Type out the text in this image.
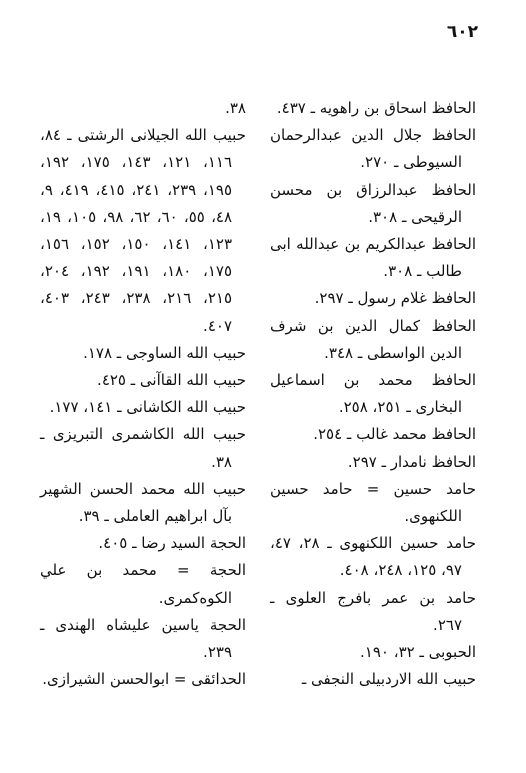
٦٠٢

الحافظ اسحاق بن راهويه ـ ٤٣٧.

الحافظ جلال الدين عبدالرحمان السيوطى ـ ٢٧٠.

الحافظ عبدالرزاق بن محسن الرقيحى ـ ٣٠٨.

الحافظ عبدالكريم بن عبدالله ابى طالب ـ ٣٠٨.

الحافظ غلام رسول ـ ٢٩٧.

الحافظ كمال الدين بن شرف الدين الواسطى ـ ٣٤٨.

الحافظ محمد بن اسماعيل البخارى ـ ٢٥١، ٢٥٨.

الحافظ محمد غالب ـ ٢٥٤.

الحافظ نامدار ـ ٢٩٧.

حامد حسين = حامد حسين اللكنهوى.

حامد حسين اللكنهوى ـ ٢٨، ٤٧، ٩٧، ١٢٥، ٢٤٨، ٤٠٨.

حامد بن عمر بافرج العلوى ـ ٢٦٧.

الحبوبى ـ ٣٢، ١٩٠.

حبيب الله الاردبيلى النجفى ـ

٣٨.

حبيب الله الجيلانى الرشتى ـ ٨٤، ١١٦، ١٢١، ١٤٣، ١٧٥، ١٩٢، ١٩٥، ٢٣٩، ٢٤١، ٤١٥، ٤١٩، ٩، ٤٨، ٥٥، ٦٠، ٦٢، ٩٨، ١٠٥، ١٩، ١٢٣، ١٤١، ١٥٠، ١٥٢، ١٥٦، ١٧٥، ١٨٠، ١٩١، ١٩٢، ٢٠٤، ٢١٥، ٢١٦، ٢٣٨، ٢٤٣، ٤٠٣، ٤٠٧.

حبيب الله الساوجى ـ ١٧٨.

حبيب الله القاآنى ـ ٤٢٥.

حبيب الله الكاشانى ـ ١٤١، ١٧٧.

حبيب الله الكاشمرى التبريزى ـ ٣٨.

حبيب الله محمد الحسن الشهير بآل ابراهيم العاملى ـ ٣٩.

الحجة السيد رضا ـ ٤٠٥.

الحجة = محمد بن علي الكوه‌كمرى.

الحجة ياسين عليشاه الهندى ـ ٢٣٩.

الحدائقى = ابوالحسن الشيرازى.
